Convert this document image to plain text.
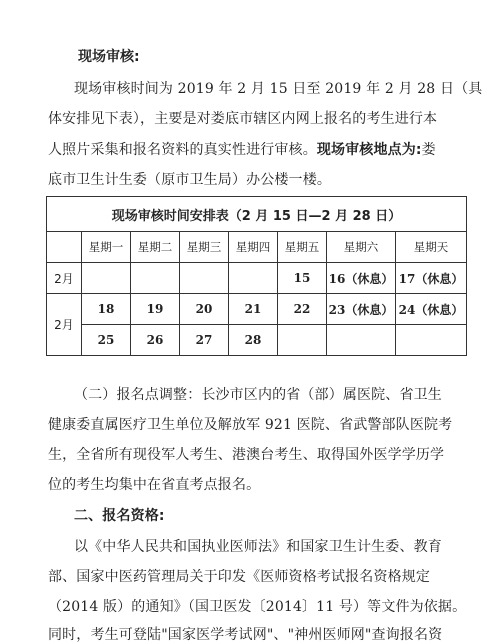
现场审核:
现场审核时间为 2019 年 2 月 15 日至 2019 年 2 月 28 日（具
体安排见下表），主要是对娄底市辖区内网上报名的考生进行本
人照片采集和报名资料的真实性进行审核。现场审核地点为:娄
底市卫生计生委（原市卫生局）办公楼一楼。
现场审核时间安排表（2 月 15 日—2 月 28 日）							
	星期一	星期二	星期三	星期四	星期五	星期六	星期天
2月					15	16（休息）	17（休息）
2月	18	19	20	21	22	23（休息）	24（休息）
	25	26	27	28			
（二）报名点调整：长沙市区内的省（部）属医院、省卫生
健康委直属医疗卫生单位及解放军 921 医院、省武警部队医院考
生，全省所有现役军人考生、港澳台考生、取得国外医学学历学
位的考生均集中在省直考点报名。
二、报名资格:
以《中华人民共和国执业医师法》和国家卫生计生委、教育
部、国家中医药管理局关于印发《医师资格考试报名资格规定
（2014 版）的通知》（国卫医发〔2014〕11 号）等文件为依据。
同时，考生可登陆"国家医学考试网"、"神州医师网"查询报名资
